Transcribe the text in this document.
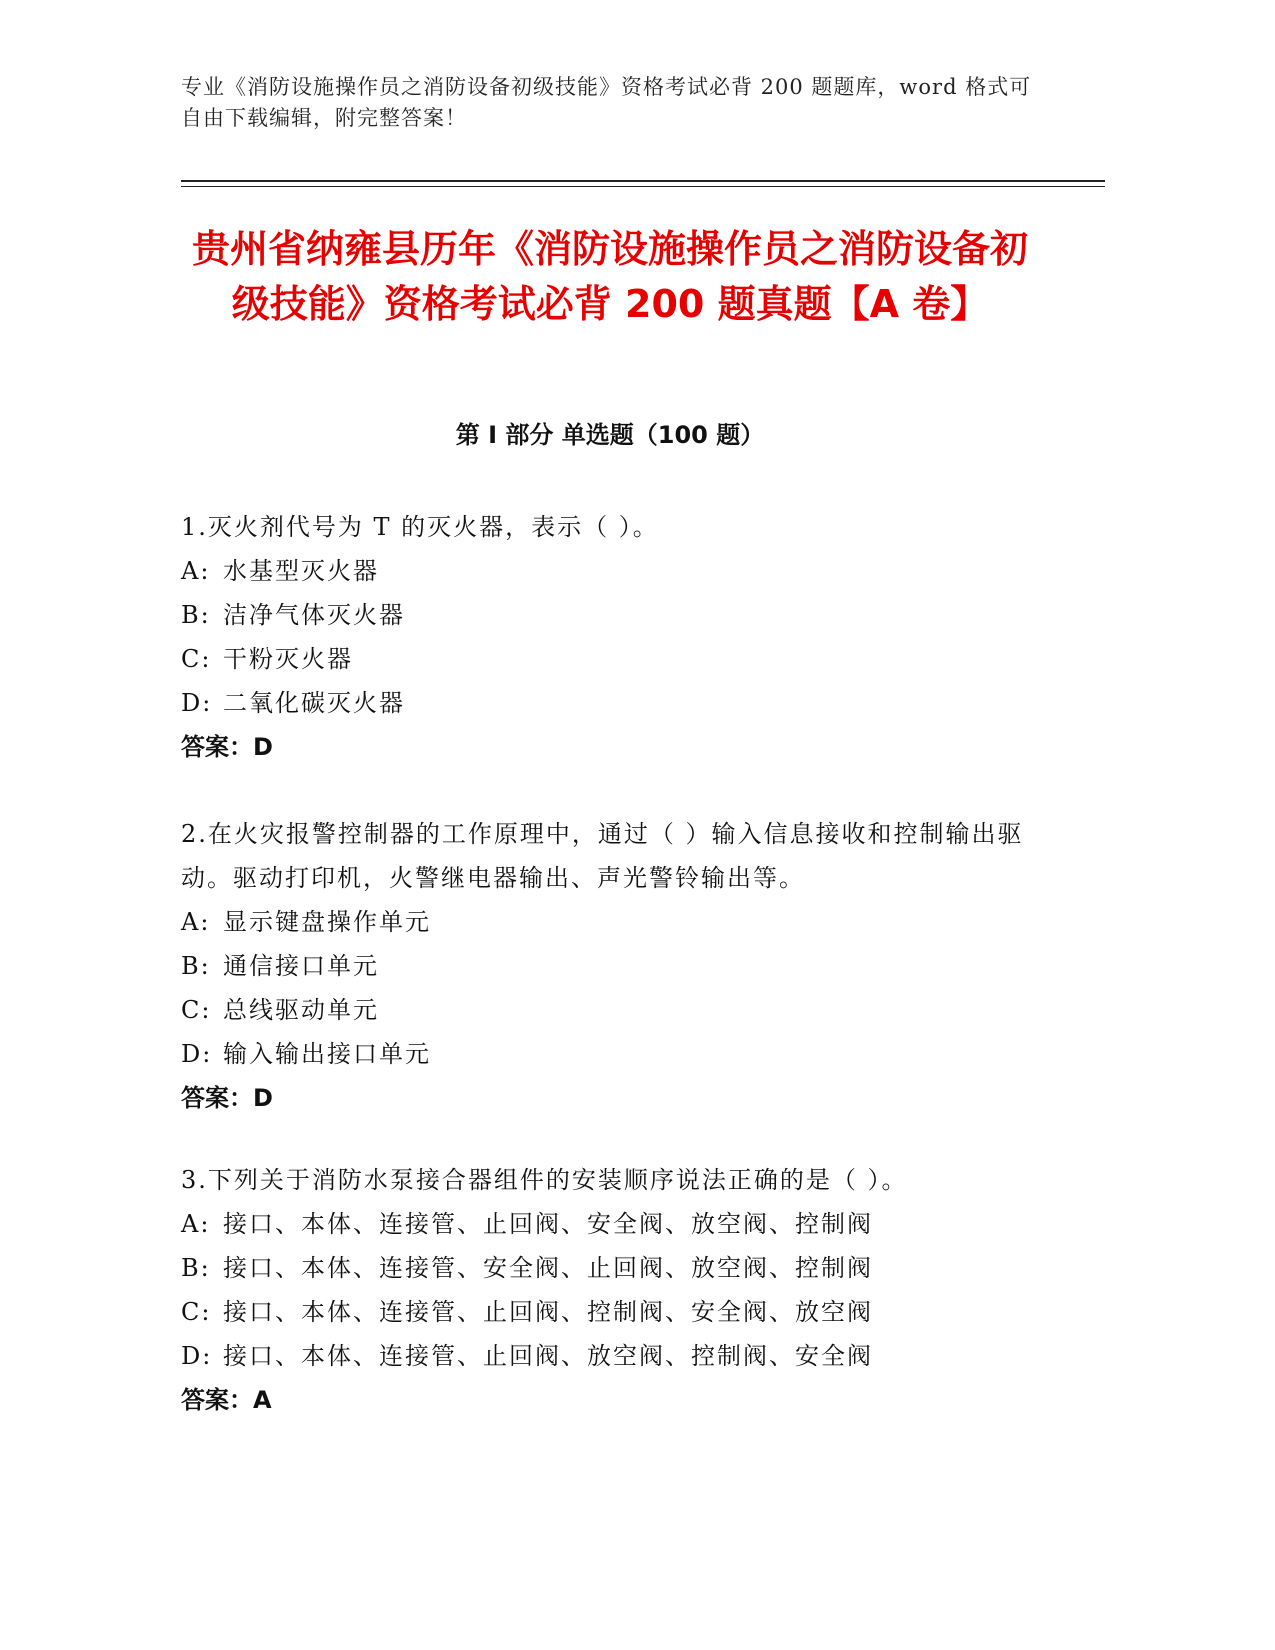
专业《消防设施操作员之消防设备初级技能》资格考试必背 200 题题库，word 格式可自由下载编辑，附完整答案！
贵州省纳雍县历年《消防设施操作员之消防设备初级技能》资格考试必背 200 题真题【A 卷】
第 I 部分 单选题（100 题）

1.灭火剂代号为 T 的灭火器，表示（ ）。

A: 水基型灭火器

B: 洁净气体灭火器

C: 干粉灭火器

D: 二氧化碳灭火器

答案：D

2.在火灾报警控制器的工作原理中，通过（ ）输入信息接收和控制输出驱动。驱动打印机，火警继电器输出、声光警铃输出等。

A: 显示键盘操作单元

B: 通信接口单元

C: 总线驱动单元

D: 输入输出接口单元

答案：D

3.下列关于消防水泵接合器组件的安装顺序说法正确的是（ ）。

A: 接口、本体、连接管、止回阀、安全阀、放空阀、控制阀

B: 接口、本体、连接管、安全阀、止回阀、放空阀、控制阀

C: 接口、本体、连接管、止回阀、控制阀、安全阀、放空阀

D: 接口、本体、连接管、止回阀、放空阀、控制阀、安全阀

答案：A
